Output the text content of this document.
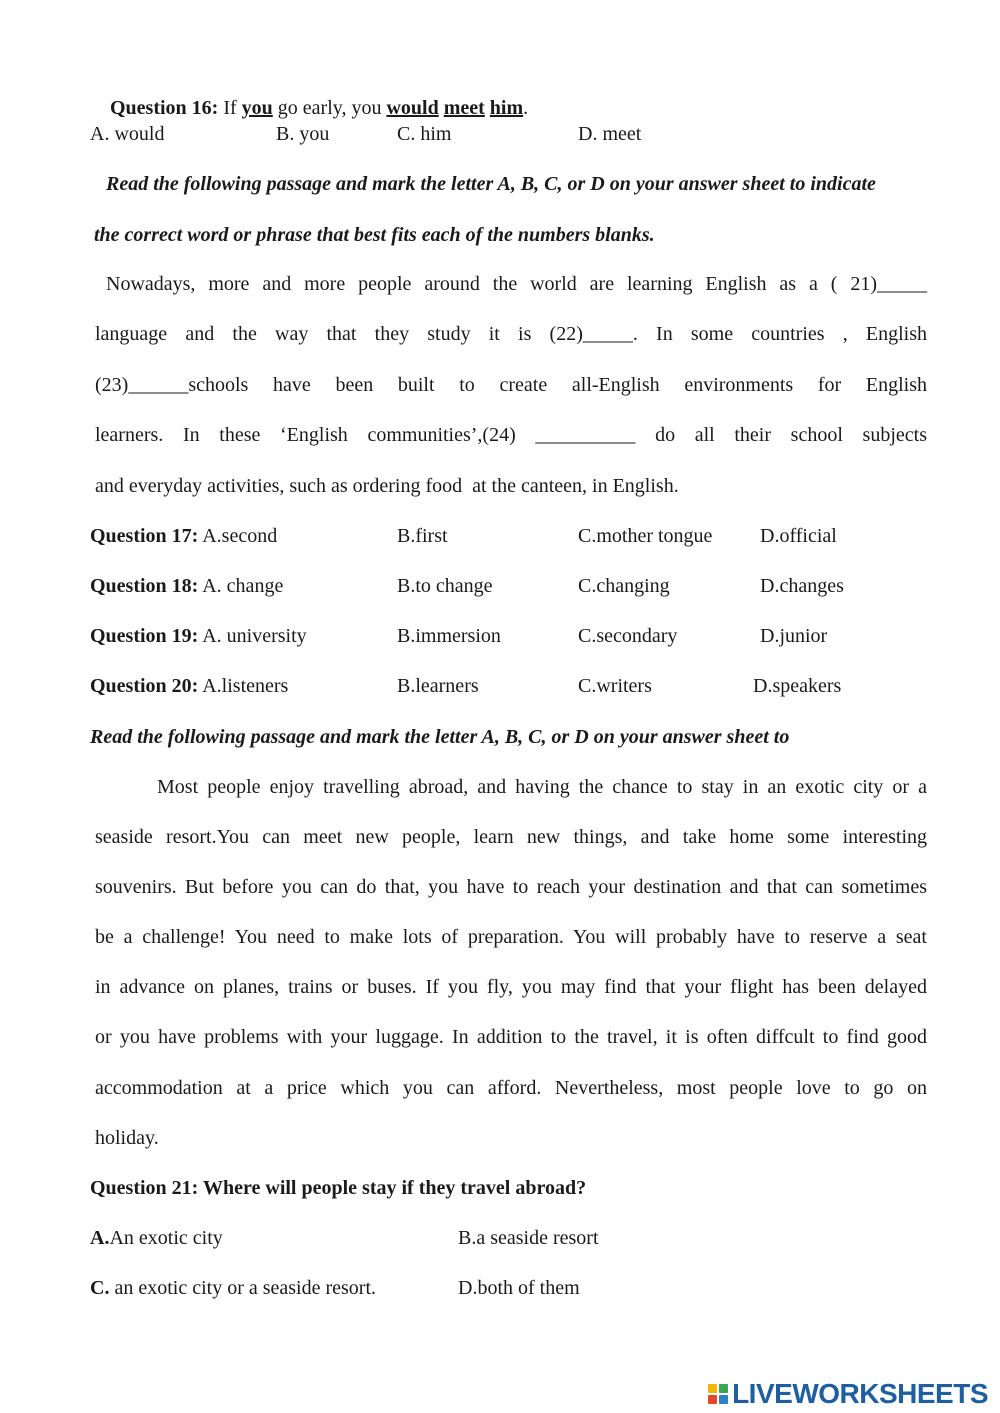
Question 16: If you go early, you would meet him.

A. would	B. you	C. him	D. meet
Read the following passage and mark the letter A, B, C, or D on your answer sheet to indicate
the correct word or phrase that best fits each of the numbers blanks.
Nowadays, more and more people around the world are learning English as a ( 21)_____
language and the way that they study it is (22)_____. In some countries , English
(23)______schools have been built to create all-English environments for English
learners. In these ‘English communities’,(24) __________ do all their school subjects
and everyday activities, such as ordering food  at the canteen, in English.
Question 17: A.second	B.first	C.mother tongue D.official
Question 18: A. change	B.to change	C.changing	D.changes
Question 19: A. university	B.immersion	C.secondary	D.junior
Question 20: A.listeners	B.learners	C.writers	D.speakers
Read the following passage and mark the letter A, B, C, or D on your answer sheet to
Most people enjoy travelling abroad, and having the chance to stay in an exotic city or a
seaside resort.You can meet new people, learn new things, and take home some interesting
souvenirs. But before you can do that, you have to reach your destination and that can sometimes
be a challenge! You need to make lots of preparation. You will probably have to reserve a seat
in advance on planes, trains or buses. If you fly, you may find that your flight has been delayed
or you have problems with your luggage. In addition to the travel, it is often diffcult to find good
accommodation at a price which you can afford. Nevertheless, most people love to go on
holiday.
Question 21: Where will people stay if they travel abroad?
A.An exotic city	B.a seaside resort
C. an exotic city or a seaside resort.	D.both of them
LIVEWORKSHEETS
